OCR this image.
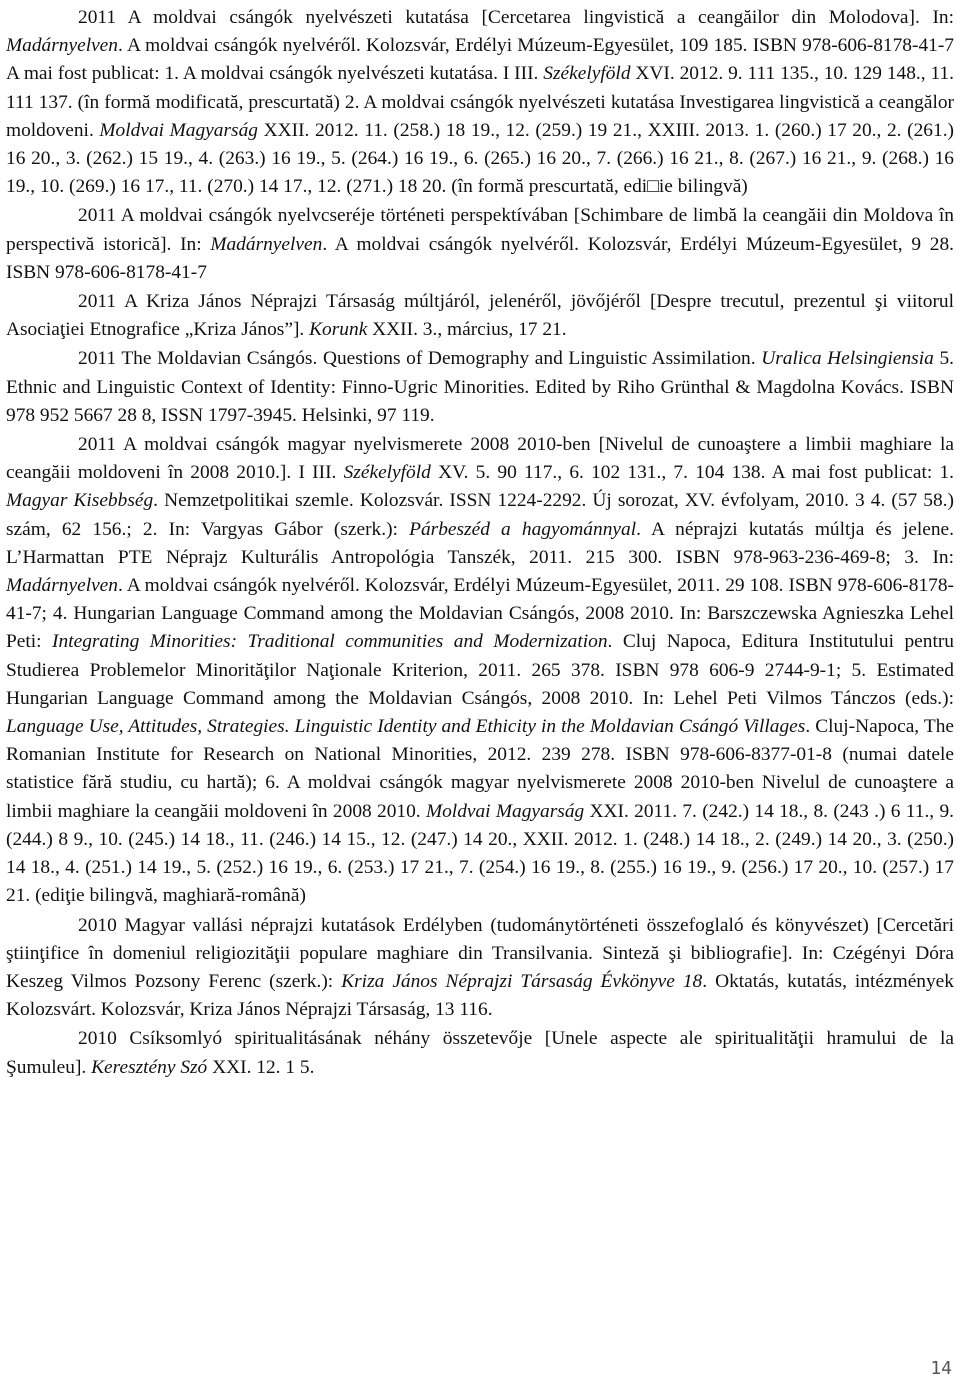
2011 A moldvai csángók nyelvészeti kutatása [Cercetarea lingvistică a ceangăilor din Molodova]. In: Madárnyelven. A moldvai csángók nyelvéről. Kolozsvár, Erdélyi Múzeum-Egyesület, 109 185. ISBN 978-606-8178-41-7 A mai fost publicat: 1. A moldvai csángók nyelvészeti kutatása. I III. Székelyföld XVI. 2012. 9. 111 135., 10. 129 148., 11. 111 137. (în formă modificată, prescurtată) 2. A moldvai csángók nyelvészeti kutatása Investigarea lingvistică a ceangălor moldoveni. Moldvai Magyarság XXII. 2012. 11. (258.) 18 19., 12. (259.) 19 21., XXIII. 2013. 1. (260.) 17 20., 2. (261.) 16 20., 3. (262.) 15 19., 4. (263.) 16 19., 5. (264.) 16 19., 6. (265.) 16 20., 7. (266.) 16 21., 8. (267.) 16 21., 9. (268.) 16 19., 10. (269.) 16 17., 11. (270.) 14 17., 12. (271.) 18 20. (în formă prescurtată, edi□ie bilingvă)

2011 A moldvai csángók nyelvcseréje történeti perspektívában [Schimbare de limbă la ceangăii din Moldova în perspectivă istorică]. In: Madárnyelven. A moldvai csángók nyelvéről. Kolozsvár, Erdélyi Múzeum-Egyesület, 9 28. ISBN 978-606-8178-41-7

2011 A Kriza János Néprajzi Társaság múltjáról, jelenéről, jövőjéről [Despre trecutul, prezentul şi viitorul Asociaţiei Etnografice „Kriza János”]. Korunk XXII. 3., március, 17 21.

2011 The Moldavian Csángós. Questions of Demography and Linguistic Assimilation. Uralica Helsingiensia 5. Ethnic and Linguistic Context of Identity: Finno-Ugric Minorities. Edited by Riho Grünthal & Magdolna Kovács. ISBN 978 952 5667 28 8, ISSN 1797-3945. Helsinki, 97 119.

2011 A moldvai csángók magyar nyelvismerete 2008 2010-ben [Nivelul de cunoaştere a limbii maghiare la ceangăii moldoveni în 2008 2010.]. I III. Székelyföld XV. 5. 90 117., 6. 102 131., 7. 104 138. A mai fost publicat: 1. Magyar Kisebbség. Nemzetpolitikai szemle. Kolozsvár. ISSN 1224-2292. Új sorozat, XV. évfolyam, 2010. 3 4. (57 58.) szám, 62 156.; 2. In: Vargyas Gábor (szerk.): Párbeszéd a hagyománnyal. A néprajzi kutatás múltja és jelene. L’Harmattan PTE Néprajz Kulturális Antropológia Tanszék, 2011. 215 300. ISBN 978-963-236-469-8; 3. In: Madárnyelven. A moldvai csángók nyelvéről. Kolozsvár, Erdélyi Múzeum-Egyesület, 2011. 29 108. ISBN 978-606-8178-41-7; 4. Hungarian Language Command among the Moldavian Csángós, 2008 2010. In: Barszczewska Agnieszka Lehel Peti: Integrating Minorities: Traditional communities and Modernization. Cluj Napoca, Editura Institutului pentru Studierea Problemelor Minorităţilor Naţionale Kriterion, 2011. 265 378. ISBN 978 606-9 2744-9-1; 5. Estimated Hungarian Language Command among the Moldavian Csángós, 2008 2010. In: Lehel Peti Vilmos Tánczos (eds.): Language Use, Attitudes, Strategies. Linguistic Identity and Ethicity in the Moldavian Csángó Villages. Cluj-Napoca, The Romanian Institute for Research on National Minorities, 2012. 239 278. ISBN 978-606-8377-01-8 (numai datele statistice fără studiu, cu hartă); 6. A moldvai csángók magyar nyelvismerete 2008 2010-ben Nivelul de cunoaştere a limbii maghiare la ceangăii moldoveni în 2008 2010. Moldvai Magyarság XXI. 2011. 7. (242.) 14 18., 8. (243 .) 6 11., 9. (244.) 8 9., 10. (245.) 14 18., 11. (246.) 14 15., 12. (247.) 14 20., XXII. 2012. 1. (248.) 14 18., 2. (249.) 14 20., 3. (250.) 14 18., 4. (251.) 14 19., 5. (252.) 16 19., 6. (253.) 17 21., 7. (254.) 16 19., 8. (255.) 16 19., 9. (256.) 17 20., 10. (257.) 17 21. (ediţie bilingvă, maghiară-română)

2010 Magyar vallási néprajzi kutatások Erdélyben (tudománytörténeti összefoglaló és könyvészet) [Cercetări ştiinţifice în domeniul religiozităţii populare maghiare din Transilvania. Sinteză şi bibliografie]. In: Czégényi Dóra Keszeg Vilmos Pozsony Ferenc (szerk.): Kriza János Néprajzi Társaság Évkönyve 18. Oktatás, kutatás, intézmények Kolozsvárt. Kolozsvár, Kriza János Néprajzi Társaság, 13 116.

2010 Csíksomlyó spiritualitásának néhány összetevője [Unele aspecte ale spiritualităţii hramului de la Şumuleu]. Keresztény Szó XXI. 12. 1 5.

14
